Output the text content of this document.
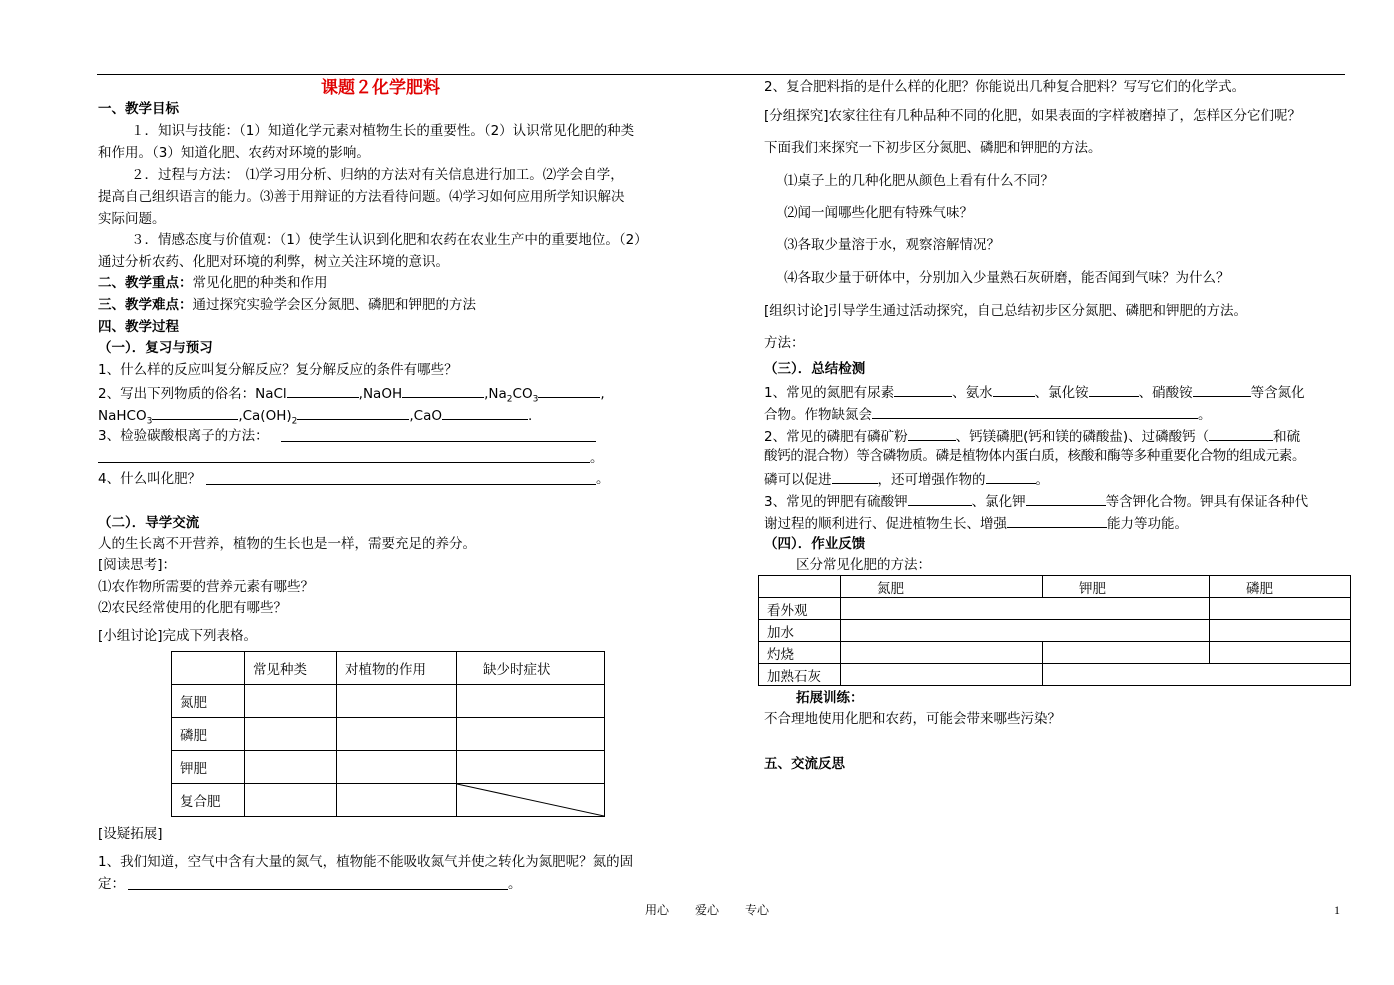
课题２化学肥料
一、教学目标
１．知识与技能：（1）知道化学元素对植物生长的重要性。（2）认识常见化肥的种类
和作用。（3）知道化肥、农药对环境的影响。
２．过程与方法：　⑴学习用分析、归纳的方法对有关信息进行加工。⑵学会自学，
提高自己组织语言的能力。⑶善于用辩证的方法看待问题。⑷学习如何应用所学知识解决
实际问题。
３．情感态度与价值观：（1）使学生认识到化肥和农药在农业生产中的重要地位。（2）
通过分析农药、化肥对环境的利弊，树立关注环境的意识。
二、教学重点：常见化肥的种类和作用
三、教学难点：通过探究实验学会区分氮肥、磷肥和钾肥的方法
四、教学过程
（一）．复习与预习
1、什么样的反应叫复分解反应？复分解反应的条件有哪些？
2、写出下列物质的俗名：NaCl	,NaOH	$,Na_2CO_3$	,
NaHCO$_3$	$,Ca(OH)_2$	,CaO	.
3、检验碳酸根离子的方法：
。
4、什么叫化肥？	。
（二）．导学交流
人的生长离不开营养，植物的生长也是一样，需要充足的养分。
[阅读思考]：
⑴农作物所需要的营养元素有哪些？
⑵农民经常使用的化肥有哪些？
[小组讨论]完成下列表格。
	常见种类	对植物的作用	缺少时症状
氮肥			
磷肥			
钾肥			
复合肥			
[设疑拓展]
1、我们知道，空气中含有大量的氮气，植物能不能吸收氮气并使之转化为氮肥呢？氮的固
定：	。
2、复合肥料指的是什么样的化肥？你能说出几种复合肥料？写写它们的化学式。
[分组探究]农家往往有几种品种不同的化肥，如果表面的字样被磨掉了，怎样区分它们呢？
下面我们来探究一下初步区分氮肥、磷肥和钾肥的方法。
⑴桌子上的几种化肥从颜色上看有什么不同？
⑵闻一闻哪些化肥有特殊气味？
⑶各取少量溶于水，观察溶解情况？
⑷各取少量于研体中，分别加入少量熟石灰研磨，能否闻到气味？为什么？
[组织讨论]引导学生通过活动探究，自己总结初步区分氮肥、磷肥和钾肥的方法。
方法：
（三）．总结检测
1、常见的氮肥有尿素	、氨水	、氯化铵	、硝酸铵	等含氮化
合物。作物缺氮会	。
2、常见的磷肥有磷矿粉	、钙镁磷肥(钙和镁的磷酸盐)、过磷酸钙（	和硫
酸钙的混合物）等含磷物质。磷是植物体内蛋白质，核酸和酶等多种重要化合物的组成元素。
磷可以促进	，还可增强作物的	。
3、常见的钾肥有硫酸钾	、氯化钾	等含钾化合物。钾具有保证各种代
谢过程的顺利进行、促进植物生长、增强	能力等功能。
（四）．作业反馈
区分常见化肥的方法：
	氮肥	钾肥	磷肥
看外观			
加水			
灼烧			
加熟石灰			
拓展训练：
不合理地使用化肥和农药，可能会带来哪些污染？
五、交流反思
用心 爱心 专心	1
